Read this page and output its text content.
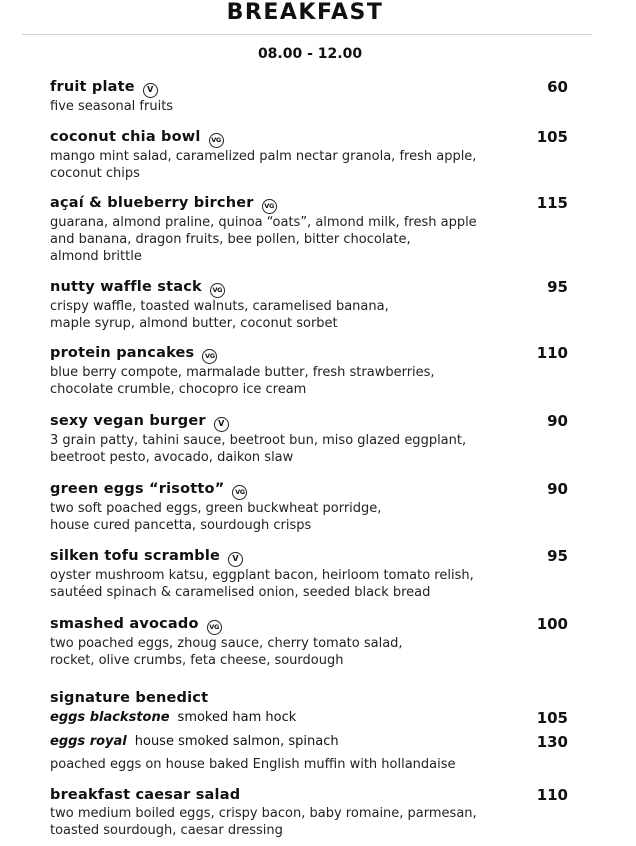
BREAKFAST
08.00 - 12.00
fruit plate V	60
five seasonal fruits
coconut chia bowl VG	105
mango mint salad, caramelized palm nectar granola, fresh apple,
coconut chips
açaí & blueberry bircher VG	115
guarana, almond praline, quinoa “oats”, almond milk, fresh apple
and banana, dragon fruits, bee pollen, bitter chocolate,
almond brittle
nutty waffle stack VG	95
crispy waffle, toasted walnuts, caramelised banana,
maple syrup, almond butter, coconut sorbet
protein pancakes VG	110
blue berry compote, marmalade butter, fresh strawberries,
chocolate crumble, chocopro ice cream
sexy vegan burger V	90
3 grain patty, tahini sauce, beetroot bun, miso glazed eggplant,
beetroot pesto, avocado, daikon slaw
green eggs “risotto” VG	90
two soft poached eggs, green buckwheat porridge,
house cured pancetta, sourdough crisps
silken tofu scramble V	95
oyster mushroom katsu, eggplant bacon, heirloom tomato relish,
sautéed spinach & caramelised onion, seeded black bread
smashed avocado VG	100
two poached eggs, zhoug sauce, cherry tomato salad,
rocket, olive crumbs, feta cheese, sourdough
signature benedict
eggs blackstone smoked ham hock	105
eggs royal house smoked salmon, spinach	130
poached eggs on house baked English muffin with hollandaise
breakfast caesar salad	110
two medium boiled eggs, crispy bacon, baby romaine, parmesan,
toasted sourdough, caesar dressing
